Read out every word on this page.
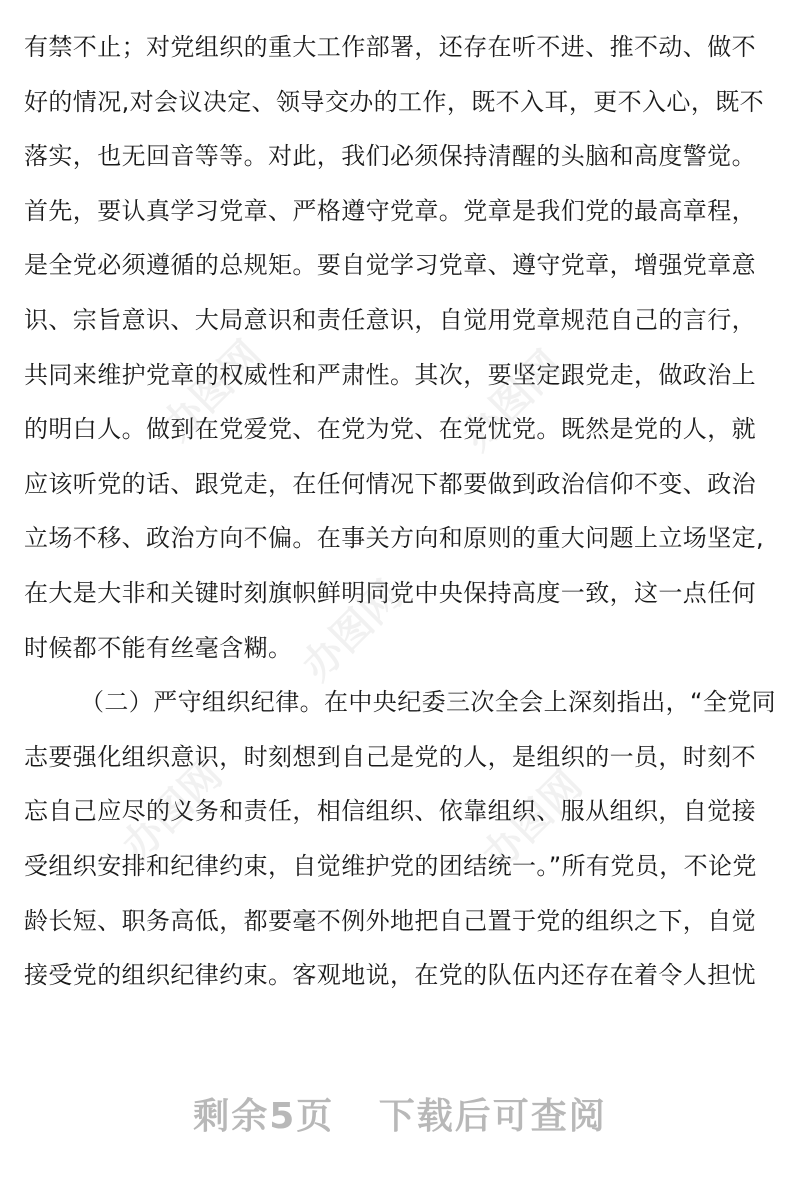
有禁不止；对党组织的重大工作部署，还存在听不进、推不动、做不
好的情况,对会议决定、领导交办的工作，既不入耳，更不入心，既不
落实，也无回音等等。对此，我们必须保持清醒的头脑和高度警觉。
首先，要认真学习党章、严格遵守党章。党章是我们党的最高章程，
是全党必须遵循的总规矩。要自觉学习党章、遵守党章，增强党章意
识、宗旨意识、大局意识和责任意识，自觉用党章规范自己的言行，
共同来维护党章的权威性和严肃性。其次，要坚定跟党走，做政治上
的明白人。做到在党爱党、在党为党、在党忧党。既然是党的人，就
应该听党的话、跟党走，在任何情况下都要做到政治信仰不变、政治
立场不移、政治方向不偏。在事关方向和原则的重大问题上立场坚定,
在大是大非和关键时刻旗帜鲜明同党中央保持高度一致，这一点任何
时候都不能有丝毫含糊。
（二）严守组织纪律。在中央纪委三次全会上深刻指出，“全党同
志要强化组织意识，时刻想到自己是党的人，是组织的一员，时刻不
忘自己应尽的义务和责任，相信组织、依靠组织、服从组织，自觉接
受组织安排和纪律约束，自觉维护党的团结统一。”所有党员，不论党
龄长短、职务高低，都要毫不例外地把自己置于党的组织之下，自觉
接受党的组织纪律约束。客观地说，在党的队伍内还存在着令人担忧
办图网	办图网
办图网
办图网	办图网
剩余5页 下载后可查阅
